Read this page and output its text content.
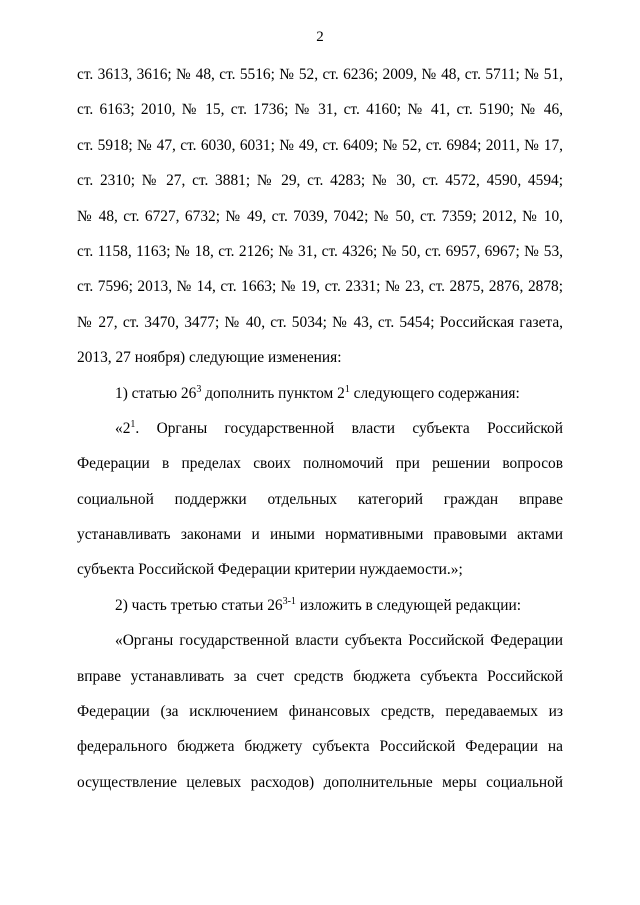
2
ст. 3613, 3616; № 48, ст. 5516; № 52, ст. 6236; 2009, № 48, ст. 5711; № 51,
ст. 6163; 2010, № 15, ст. 1736; № 31, ст. 4160; № 41, ст. 5190; № 46,
ст. 5918; № 47, ст. 6030, 6031; № 49, ст. 6409; № 52, ст. 6984; 2011, № 17,
ст. 2310; № 27, ст. 3881; № 29, ст. 4283; № 30, ст. 4572, 4590, 4594;
№ 48, ст. 6727, 6732; № 49, ст. 7039, 7042; № 50, ст. 7359; 2012, № 10,
ст. 1158, 1163; № 18, ст. 2126; № 31, ст. 4326; № 50, ст. 6957, 6967; № 53,
ст. 7596; 2013, № 14, ст. 1663; № 19, ст. 2331; № 23, ст. 2875, 2876, 2878;
№ 27, ст. 3470, 3477; № 40, ст. 5034; № 43, ст. 5454; Российская газета,
2013, 27 ноября) следующие изменения:
1) статью $26^3$ дополнить пунктом $2^1$ следующего содержания:
«$2^1$. Органы государственной власти субъекта Российской
Федерации в пределах своих полномочий при решении вопросов
социальной поддержки отдельных категорий граждан вправе
устанавливать законами и иными нормативными правовыми актами
субъекта Российской Федерации критерии нуждаемости.»;
2) часть третью статьи 26$^{3-1}$ изложить в следующей редакции:
«Органы государственной власти субъекта Российской Федерации
вправе устанавливать за счет средств бюджета субъекта Российской
Федерации (за исключением финансовых средств, передаваемых из
федерального бюджета бюджету субъекта Российской Федерации на
осуществление целевых расходов) дополнительные меры социальной
